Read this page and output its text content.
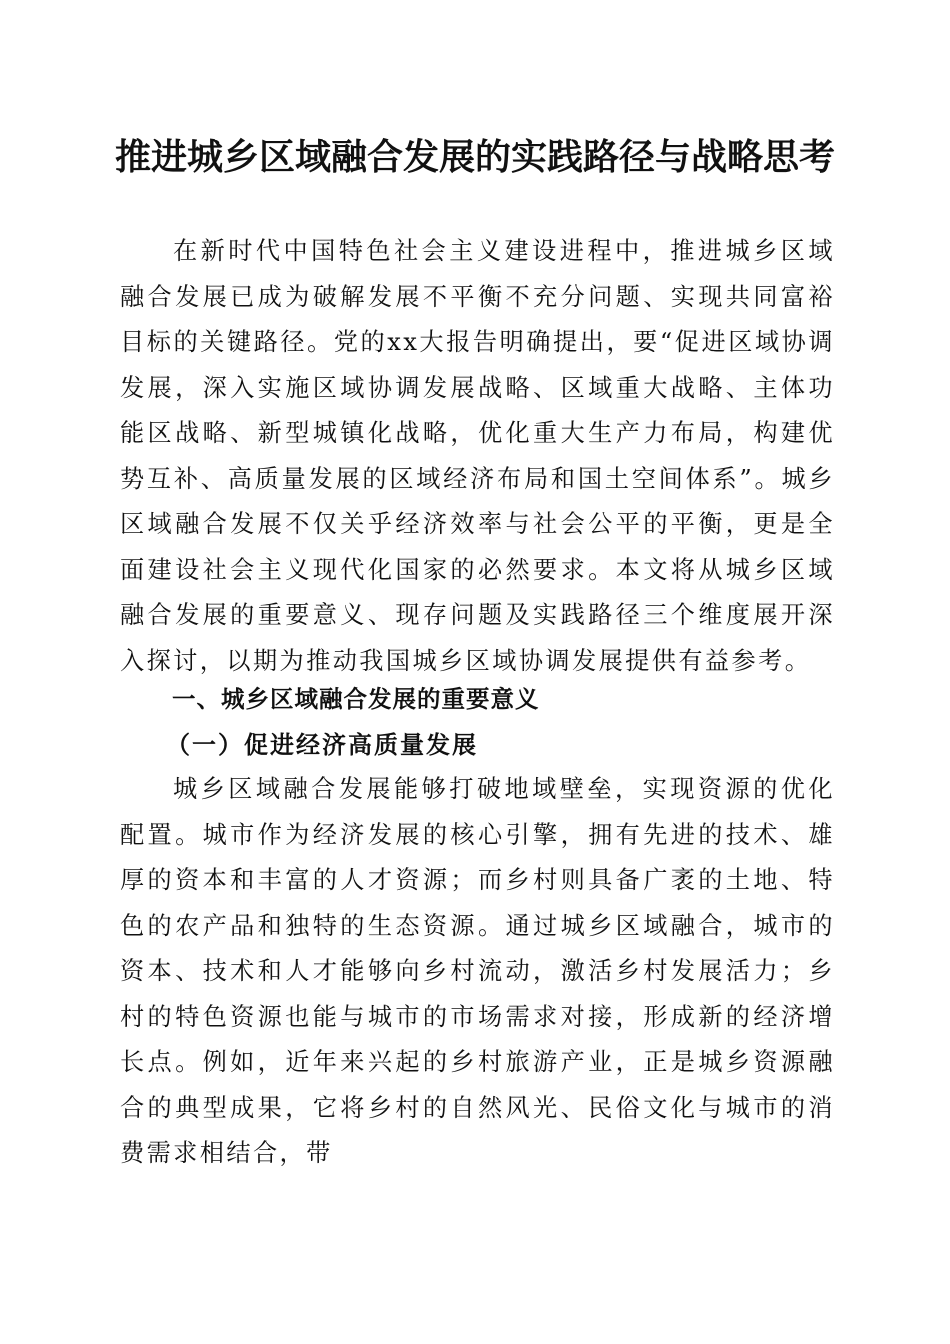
推进城乡区域融合发展的实践路径与战略思考

在新时代中国特色社会主义建设进程中，推进城乡区域融合发展已成为破解发展不平衡不充分问题、实现共同富裕目标的关键路径。党的xx大报告明确提出，要“促进区域协调发展，深入实施区域协调发展战略、区域重大战略、主体功能区战略、新型城镇化战略，优化重大生产力布局，构建优势互补、高质量发展的区域经济布局和国土空间体系”。城乡区域融合发展不仅关乎经济效率与社会公平的平衡，更是全面建设社会主义现代化国家的必然要求。本文将从城乡区域融合发展的重要意义、现存问题及实践路径三个维度展开深入探讨，以期为推动我国城乡区域协调发展提供有益参考。

一、城乡区域融合发展的重要意义
（一）促进经济高质量发展

城乡区域融合发展能够打破地域壁垒，实现资源的优化配置。城市作为经济发展的核心引擎，拥有先进的技术、雄厚的资本和丰富的人才资源；而乡村则具备广袤的土地、特色的农产品和独特的生态资源。通过城乡区域融合，城市的资本、技术和人才能够向乡村流动，激活乡村发展活力；乡村的特色资源也能与城市的市场需求对接，形成新的经济增长点。例如，近年来兴起的乡村旅游产业，正是城乡资源融合的典型成果，它将乡村的自然风光、民俗文化与城市的消费需求相结合，带
